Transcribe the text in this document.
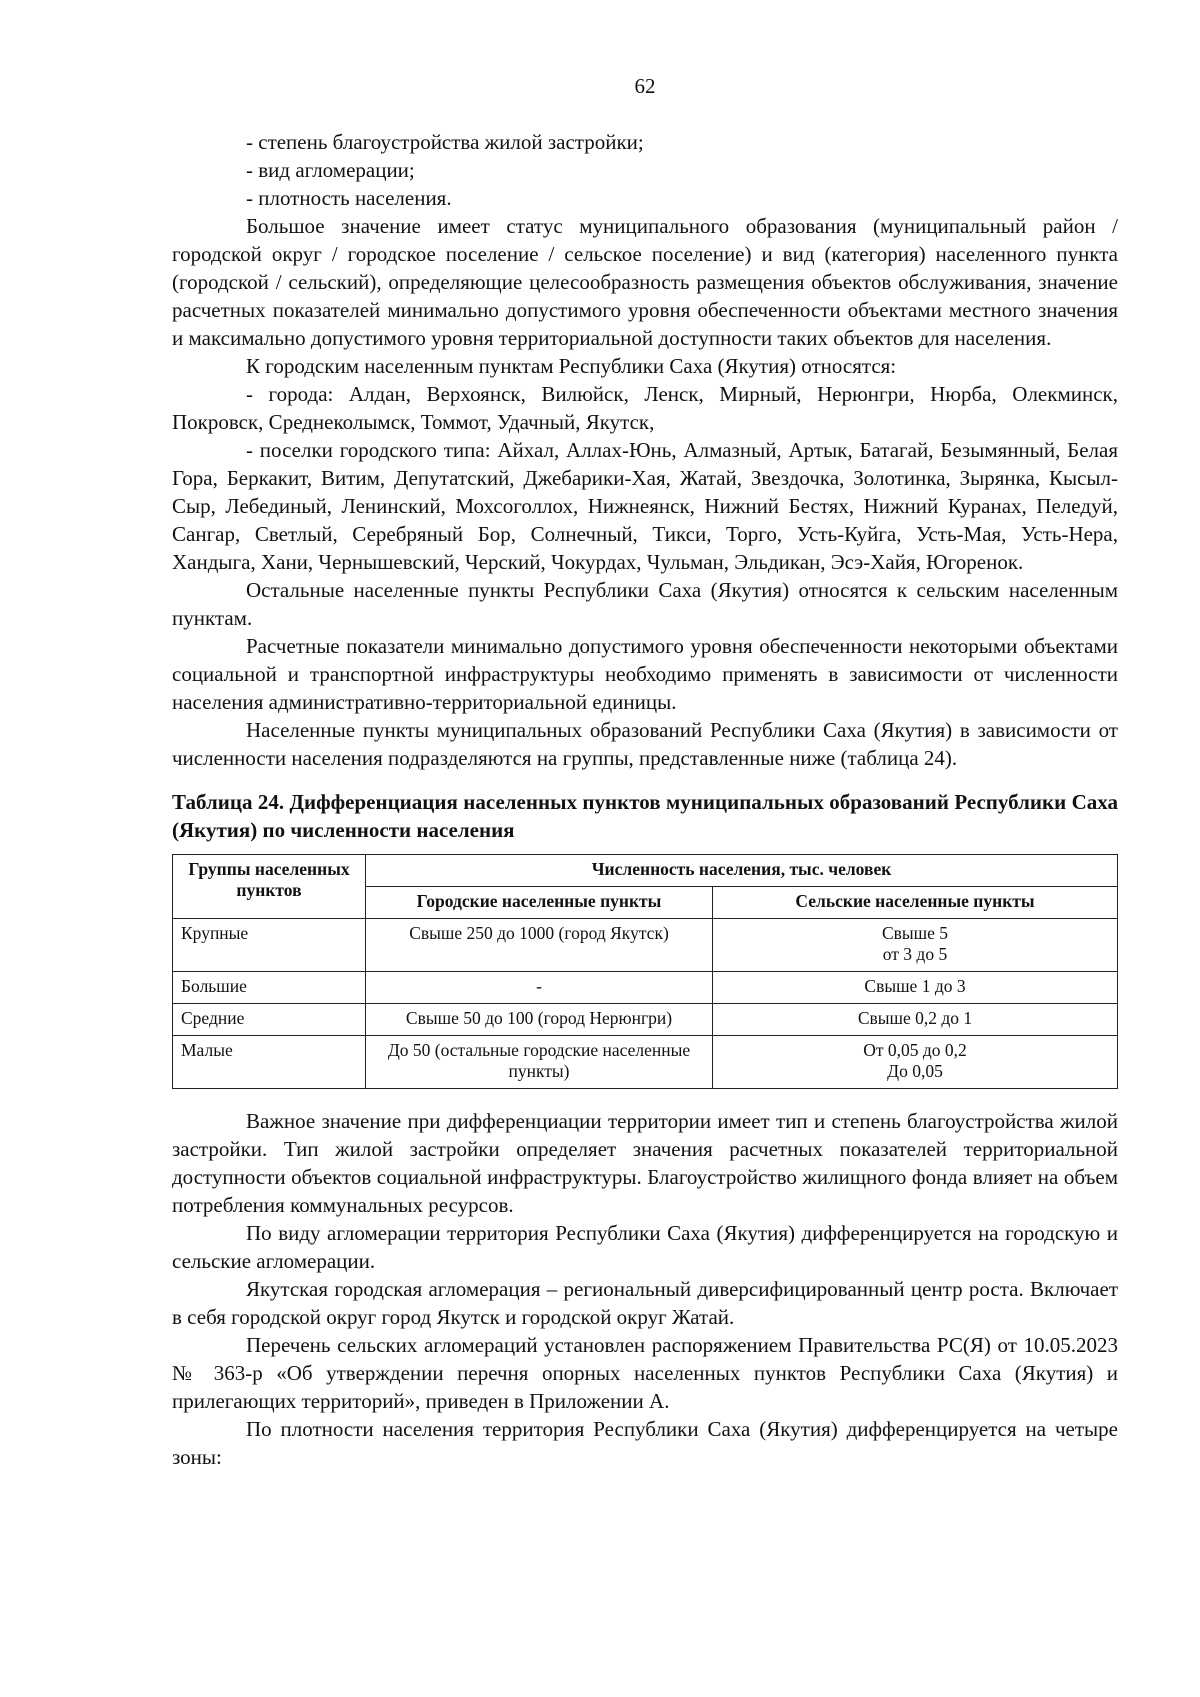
62

- степень благоустройства жилой застройки;

- вид агломерации;

- плотность населения.

Большое значение имеет статус муниципального образования (муниципальный район / городской округ / городское поселение / сельское поселение) и вид (категория) населенного пункта (городской / сельский), определяющие целесообразность размещения объектов обслуживания, значение расчетных показателей минимально допустимого уровня обеспеченности объектами местного значения и максимально допустимого уровня территориальной доступности таких объектов для населения.

К городским населенным пунктам Республики Саха (Якутия) относятся:

- города: Алдан, Верхоянск, Вилюйск, Ленск, Мирный, Нерюнгри, Нюрба, Олекминск, Покровск, Среднеколымск, Томмот, Удачный, Якутск,

- поселки городского типа: Айхал, Аллах-Юнь, Алмазный, Артык, Батагай, Безымянный, Белая Гора, Беркакит, Витим, Депутатский, Джебарики-Хая, Жатай, Звездочка, Золотинка, Зырянка, Кысыл-Сыр, Лебединый, Ленинский, Мохсоголлох, Нижнеянск, Нижний Бестях, Нижний Куранах, Пеледуй, Сангар, Светлый, Серебряный Бор, Солнечный, Тикси, Торго, Усть-Куйга, Усть-Мая, Усть-Нера, Хандыга, Хани, Чернышевский, Черский, Чокурдах, Чульман, Эльдикан, Эсэ-Хайя, Югоренок.

Остальные населенные пункты Республики Саха (Якутия) относятся к сельским населенным пунктам.

Расчетные показатели минимально допустимого уровня обеспеченности некоторыми объектами социальной и транспортной инфраструктуры необходимо применять в зависимости от численности населения административно-территориальной единицы.

Населенные пункты муниципальных образований Республики Саха (Якутия) в зависимости от численности населения подразделяются на группы, представленные ниже (таблица 24).

Таблица 24. Дифференциация населенных пунктов муниципальных образований Республики Саха (Якутия) по численности населения

Группы населенных пунктов	Численность населения, тыс. человек	
	Городские населенные пункты	Сельские населенные пункты
Крупные	Свыше 250 до 1000 (город Якутск)	Свыше 5
от 3 до 5

Большие	-	Свыше 1 до 3

Средние	Свыше 50 до 100 (город Нерюнгри)	Свыше 0,2 до 1

Малые	До 50 (остальные городские населенные пункты)	От 0,05 до 0,2
До 0,05

Важное значение при дифференциации территории имеет тип и степень благоустройства жилой застройки. Тип жилой застройки определяет значения расчетных показателей территориальной доступности объектов социальной инфраструктуры. Благоустройство жилищного фонда влияет на объем потребления коммунальных ресурсов.

По виду агломерации территория Республики Саха (Якутия) дифференцируется на городскую и сельские агломерации.

Якутская городская агломерация – региональный диверсифицированный центр роста. Включает в себя городской округ город Якутск и городской округ Жатай.

Перечень сельских агломераций установлен распоряжением Правительства РС(Я) от 10.05.2023 № 363-р «Об утверждении перечня опорных населенных пунктов Республики Саха (Якутия) и прилегающих территорий», приведен в Приложении А.

По плотности населения территория Республики Саха (Якутия) дифференцируется на четыре зоны:
